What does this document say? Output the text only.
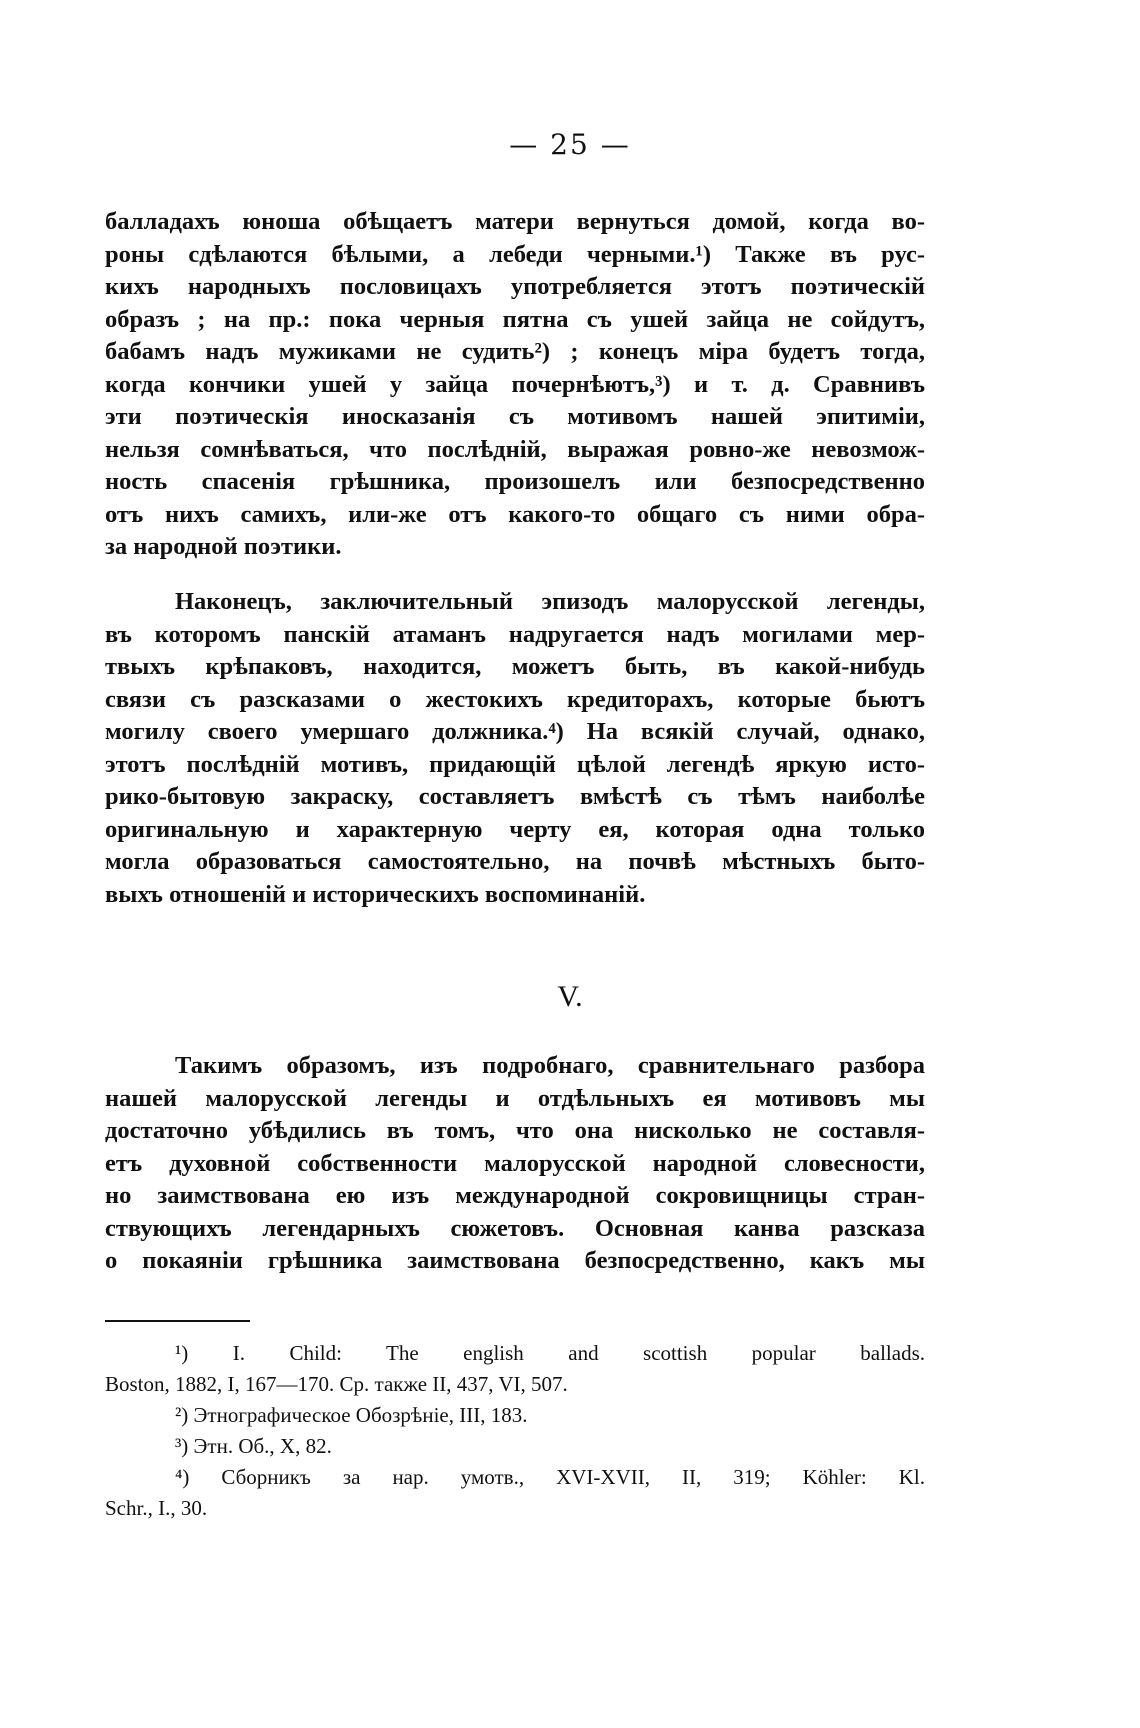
— 25 —
балладахъ юноша обѣщаетъ матери вернуться домой, когда во-
роны сдѣлаются бѣлыми, а лебеди черными.¹) Также въ рус-
кихъ народныхъ пословицахъ употребляется этотъ поэтическій
образъ ; на пр.: пока черныя пятна съ ушей зайца не сойдутъ,
бабамъ надъ мужиками не судить²) ; конецъ міра будетъ тогда,
когда кончики ушей у зайца почернѣютъ,³) и т. д. Сравнивъ
эти поэтическія иносказанія съ мотивомъ нашей эпитиміи,
нельзя сомнѣваться, что послѣдній, выражая ровно-же невозмож-
ность спасенія грѣшника, произошелъ или безпосредственно
отъ нихъ самихъ, или-же отъ какого-то общаго съ ними обра-
за народной поэтики.
Наконецъ, заключительный эпизодъ малорусской легенды,
въ которомъ панскій атаманъ надругается надъ могилами мер-
твыхъ крѣпаковъ, находится, можетъ быть, въ какой-нибудь
связи съ разсказами о жестокихъ кредиторахъ, которые бьютъ
могилу своего умершаго должника.⁴) На всякій случай, однако,
этотъ послѣдній мотивъ, придающій цѣлой легендѣ яркую исто-
рико-бытовую закраску, составляетъ вмѣстѣ съ тѣмъ наиболѣе
оригинальную и характерную черту ея, которая одна только
могла образоваться самостоятельно, на почвѣ мѣстныхъ быто-
выхъ отношеній и историческихъ воспоминаній.
V.
Такимъ образомъ, изъ подробнаго, сравнительнаго разбора
нашей малорусской легенды и отдѣльныхъ ея мотивовъ мы
достаточно убѣдились въ томъ, что она нисколько не составля-
етъ духовной собственности малорусской народной словесности,
но заимствована ею изъ международной сокровищницы стран-
ствующихъ легендарныхъ сюжетовъ. Основная канва разсказа
о покаяніи грѣшника заимствована безпосредственно, какъ мы
¹) I. Child: The english and scottish popular ballads.
Boston, 1882, I, 167—170. Ср. также II, 437, VI, 507.
²) Этнографическое Обозрѣніе, III, 183.
³) Этн. Об., X, 82.
⁴) Сборникъ за нар. умотв., XVI-XVII, II, 319; Köhler: Kl.
Schr., I., 30.
